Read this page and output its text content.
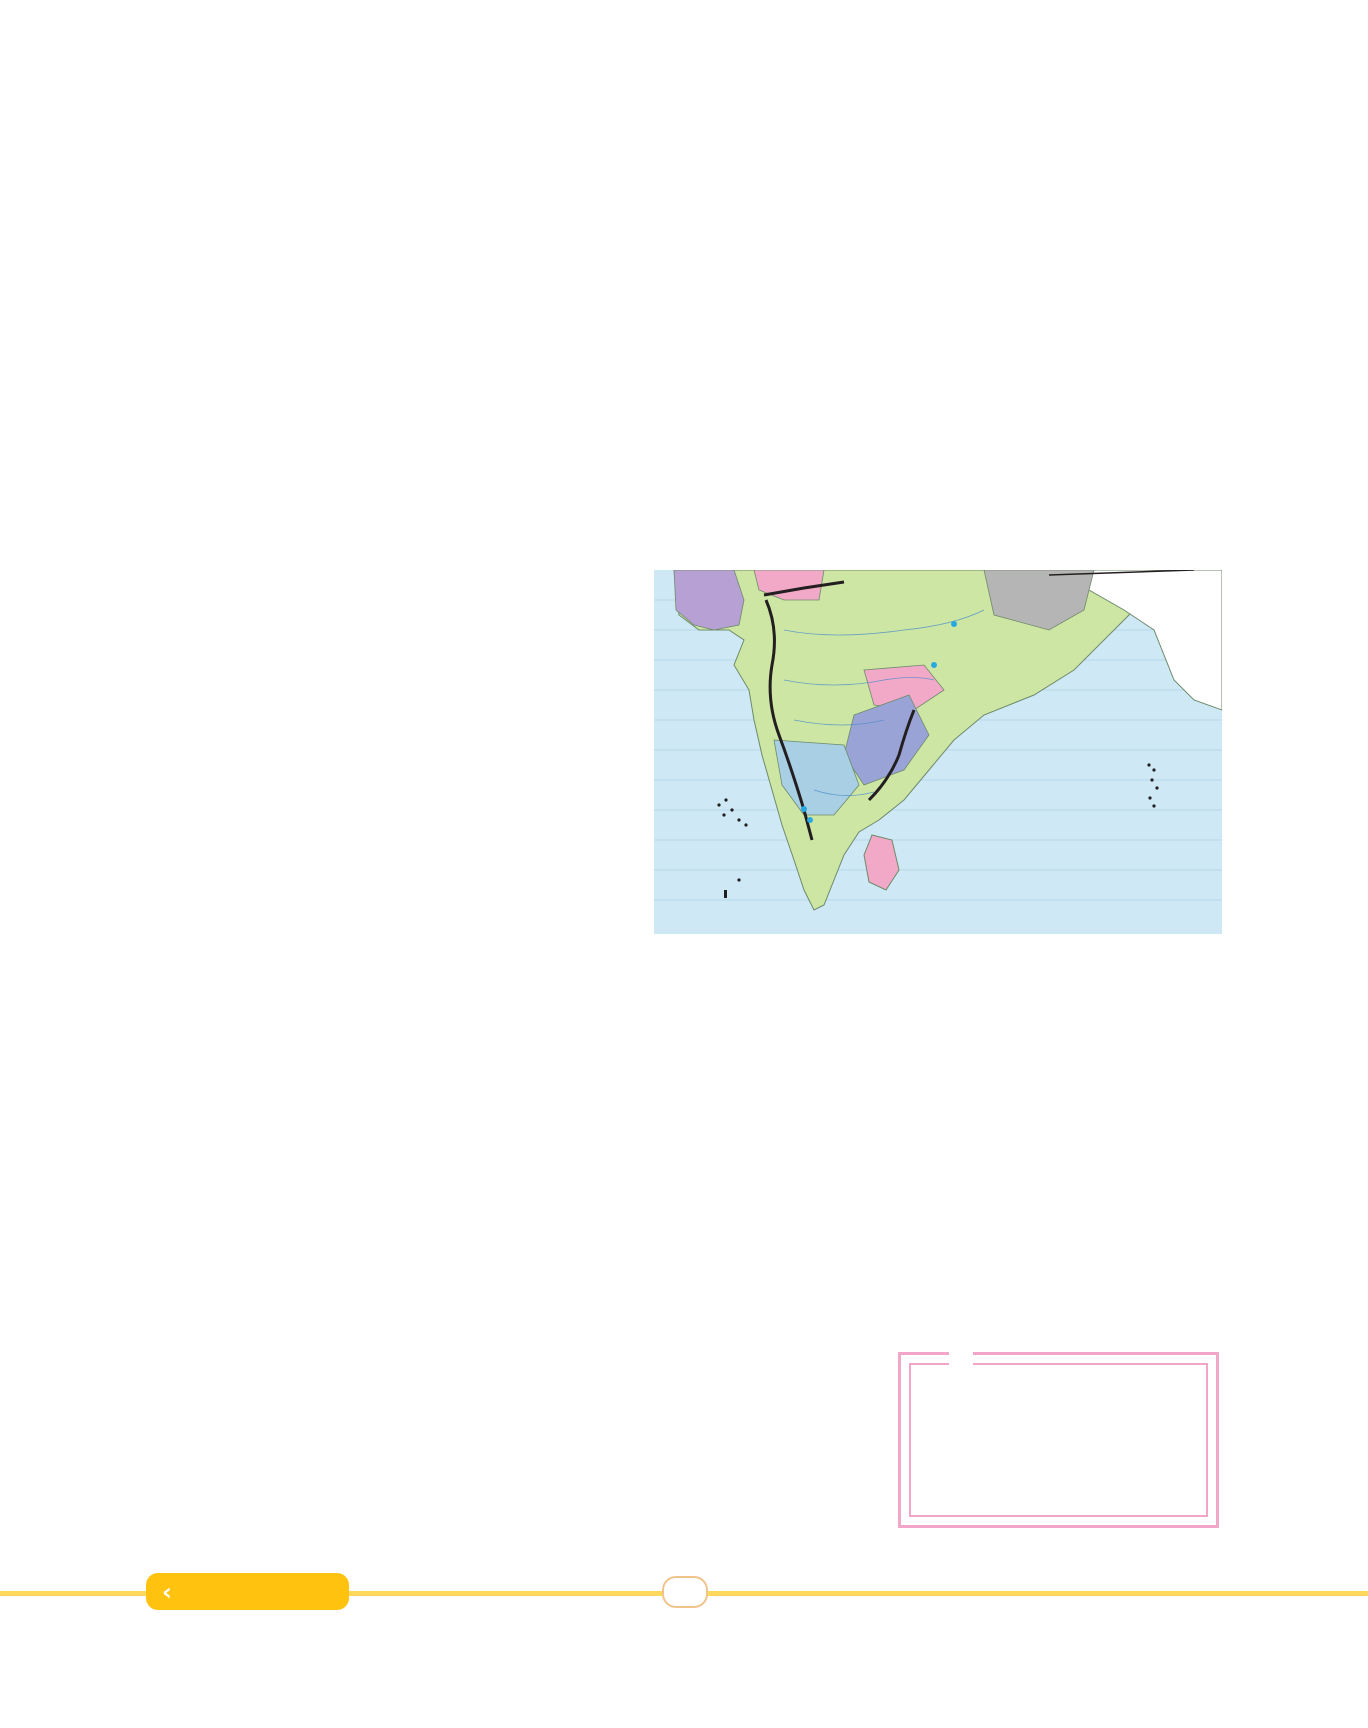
‹
